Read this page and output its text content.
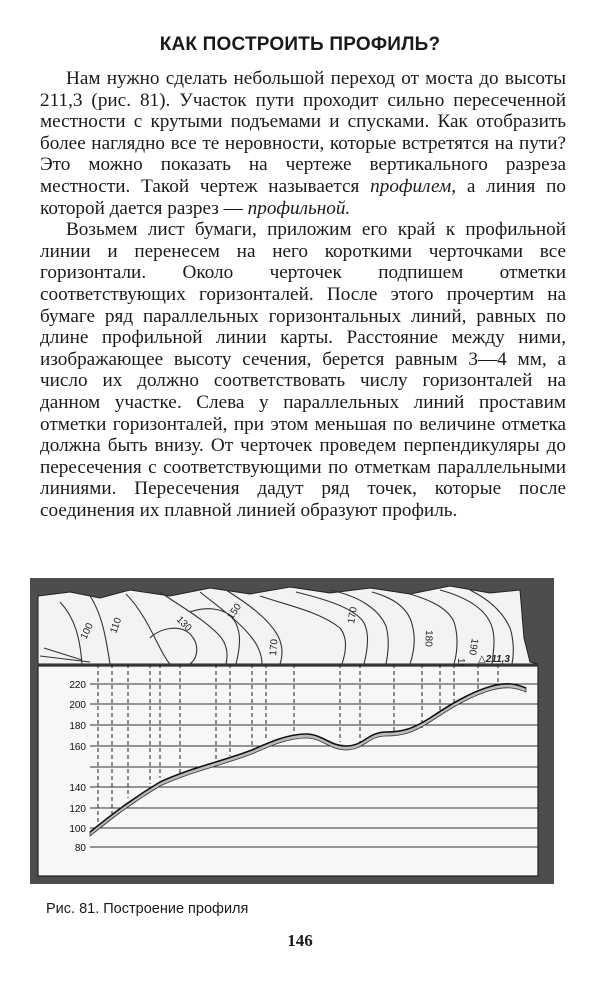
КАК ПОСТРОИТЬ ПРОФИЛЬ?

Нам нужно сделать небольшой переход от моста до высоты 211,3 (рис. 81). Участок пути проходит сильно пересеченной местности с крутыми подъемами и спусками. Как отобразить более наглядно все те неровности, которые встретятся на пути? Это можно показать на чертеже вертикального разреза местности. Такой чертеж называется профилем, а линия по которой дается разрез — профильной.

Возьмем лист бумаги, приложим его край к профильной линии и перенесем на него короткими черточками все горизонтали. Около черточек подпишем отметки соответствующих горизонталей. После этого прочертим на бумаге ряд параллельных горизонтальных линий, равных по длине профильной линии карты. Расстояние между ними, изображающее высоту сечения, берется равным 3—4 мм, а число их должно соответствовать числу горизонталей на данном участке. Слева у параллельных линий проставим отметки горизонталей, при этом меньшая по величине отметка должна быть внизу. От черточек проведем перпендикуляры до пересечения с соответствующими по отметкам параллельными линиями. Пересечения дадут ряд точек, которые после соединения их плавной линией образуют профиль.

100 110	130
150
170
170
180	190
△211,3
220
200
180
160
140
120
100
80
Рис. 81. Построение профиля
146
